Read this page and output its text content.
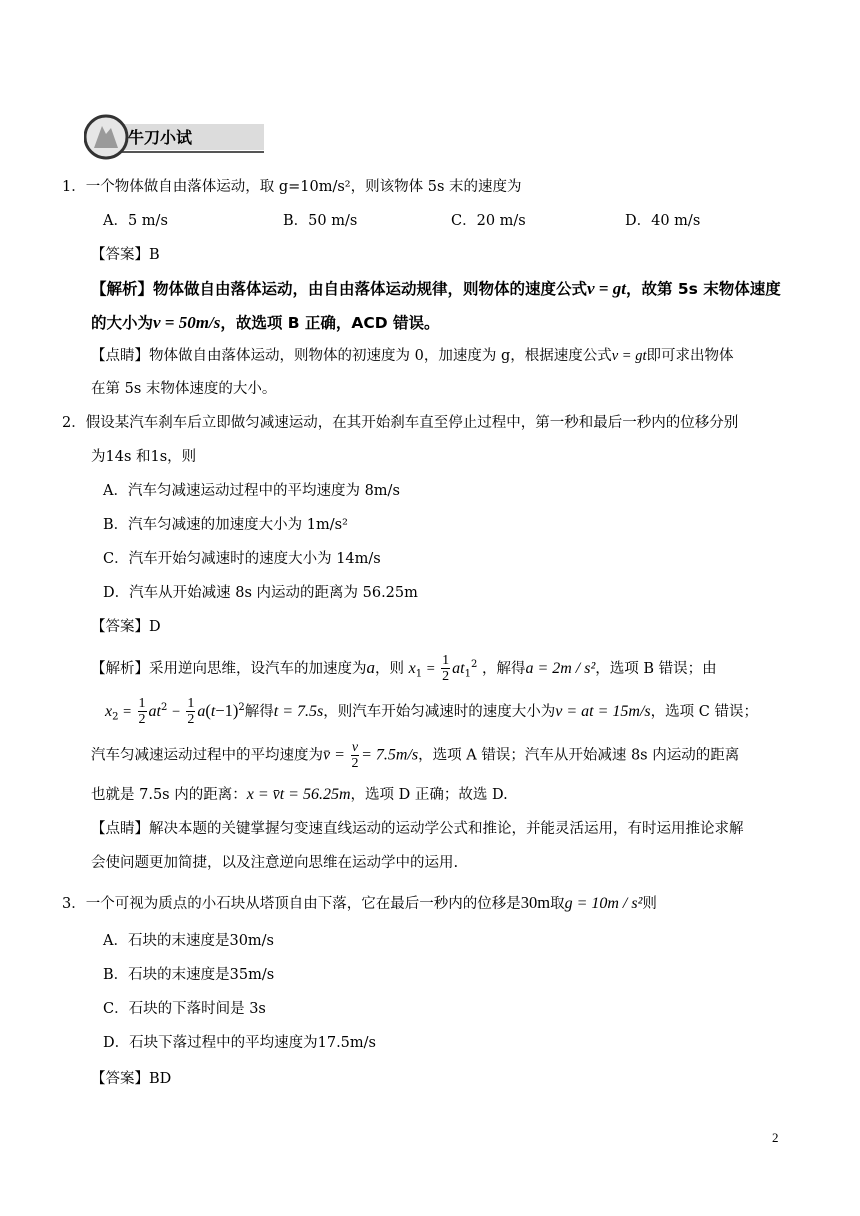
牛刀小试
1．一个物体做自由落体运动，取 g=10m/s²，则该物体 5s 末的速度为
A．5 m/s	B．50 m/s	C．20 m/s	D．40 m/s
【答案】B
【解析】物体做自由落体运动，由自由落体运动规律，则物体的速度公式v = gt，故第 5s 末物体速度
的大小为v = 50m/s，故选项 B 正确，ACD 错误。
【点睛】物体做自由落体运动，则物体的初速度为 0，加速度为 g，根据速度公式v = gt即可求出物体
在第 5s 末物体速度的大小。
2．假设某汽车刹车后立即做匀减速运动，在其开始刹车直至停止过程中，第一秒和最后一秒内的位移分别
为14s 和1s，则
A．汽车匀减速运动过程中的平均速度为 8m/s
B．汽车匀减速的加速度大小为 1m/s²
C．汽车开始匀减速时的速度大小为 14m/s
D．汽车从开始减速 8s 内运动的距离为 56.25m
【答案】D
【解析】采用逆向思维，设汽车的加速度为a，则 $x_1 = \frac{1}{2} at_1^2$ ，解得a = 2m / s²，选项 B 错误；由
$x_2 = \frac{1}{2} at^2 - \frac{1}{2} a(t-1)^2$解得t = 7.5s，则汽车开始匀减速时的速度大小为v = at = 15m/s，选项 C 错误；
汽车匀减速运动过程中的平均速度为v̄ = $\frac{v}{2} = 7.5m/s$，选项 A 错误；汽车从开始减速 8s 内运动的距离
也就是 7.5s 内的距离：x = v̄t = 56.25m，选项 D 正确；故选 D.
【点睛】解决本题的关键掌握匀变速直线运动的运动学公式和推论，并能灵活运用，有时运用推论求解
会使问题更加简捷，以及注意逆向思维在运动学中的运用.
3．一个可视为质点的小石块从塔顶自由下落，它在最后一秒内的位移是30m取g = 10m / s²则
A．石块的末速度是30m/s
B．石块的末速度是35m/s
C．石块的下落时间是 3s
D．石块下落过程中的平均速度为17.5m/s
【答案】BD
2
